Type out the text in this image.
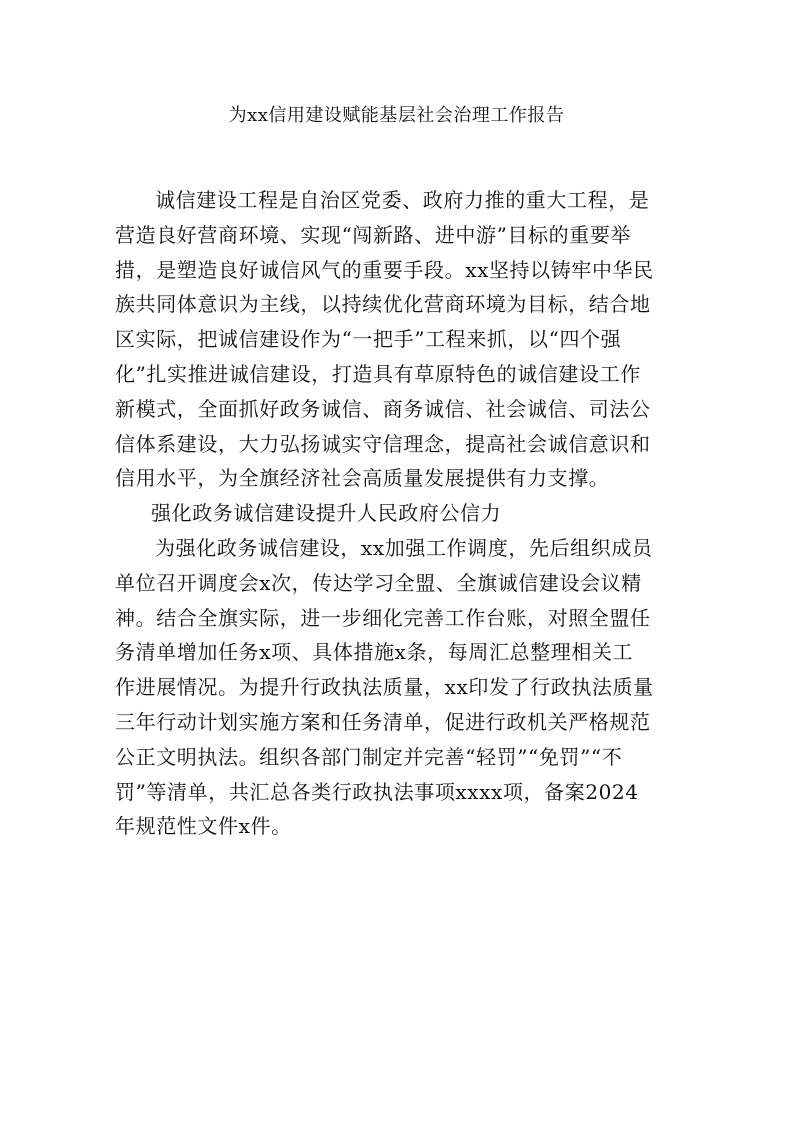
为xx信用建设赋能基层社会治理工作报告

诚信建设工程是自治区党委、政府力推的重大工程，是
营造良好营商环境、实现“闯新路、进中游”目标的重要举
措，是塑造良好诚信风气的重要手段。xx坚持以铸牢中华民
族共同体意识为主线，以持续优化营商环境为目标，结合地
区实际，把诚信建设作为“一把手”工程来抓，以“四个强
化”扎实推进诚信建设，打造具有草原特色的诚信建设工作
新模式，全面抓好政务诚信、商务诚信、社会诚信、司法公
信体系建设，大力弘扬诚实守信理念，提高社会诚信意识和
信用水平，为全旗经济社会高质量发展提供有力支撑。

强化政务诚信建设提升人民政府公信力

为强化政务诚信建设，xx加强工作调度，先后组织成员
单位召开调度会x次，传达学习全盟、全旗诚信建设会议精
神。结合全旗实际，进一步细化完善工作台账，对照全盟任
务清单增加任务x项、具体措施x条，每周汇总整理相关工
作进展情况。为提升行政执法质量，xx印发了行政执法质量
三年行动计划实施方案和任务清单，促进行政机关严格规范
公正文明执法。组织各部门制定并完善“轻罚”“免罚”“不
罚”等清单，共汇总各类行政执法事项xxxx项，备案2024
年规范性文件x件。
